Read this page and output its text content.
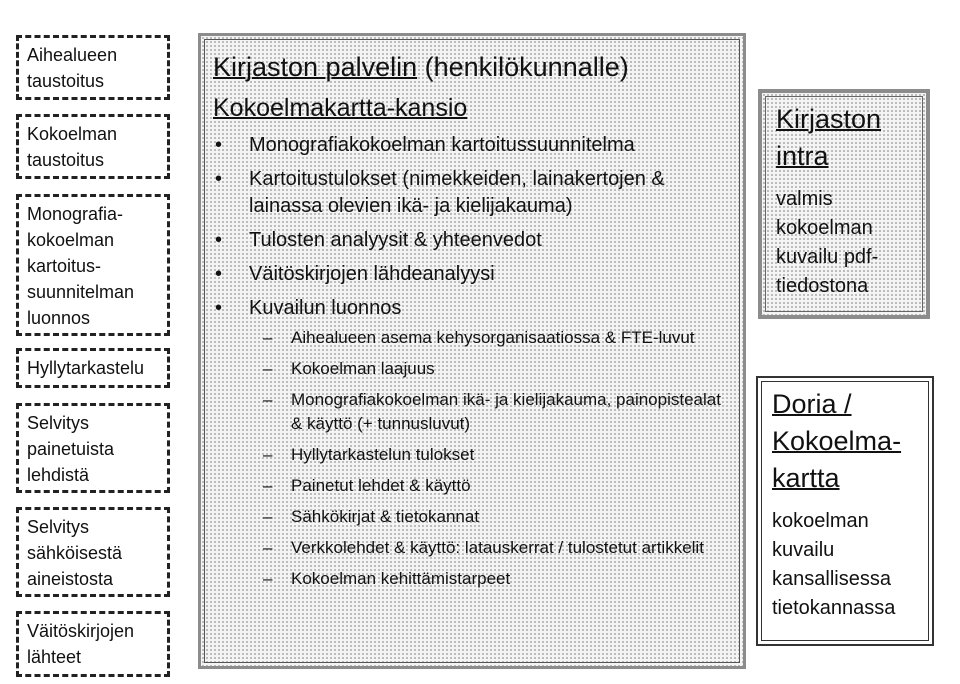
Aihealueen taustoitus
Kokoelman taustoitus
Monografia-kokoelman kartoitus-suunnitelman luonnos
Hyllytarkastelu
Selvitys painetuista lehdistä
Selvitys sähköisestä aineistosta
Väitöskirjojen lähteet
Kirjaston palvelin (henkilökunnalle)
Kokoelmakartta-kansio
• Monografiakokoelman kartoitussuunnitelma
• Kartoitustulokset (nimekkeiden, lainakertojen & lainassa olevien ikä- ja kielijakauma)
• Tulosten analyysit & yhteenvedot
• Väitöskirjojen lähdeanalyysi
• Kuvailun luonnos
– Aihealueen asema kehysorganisaatiossa & FTE-luvut
– Kokoelman laajuus
– Monografiakokoelman ikä- ja kielijakauma, painopistealat & käyttö (+ tunnusluvut)
– Hyllytarkastelun tulokset
– Painetut lehdet & käyttö
– Sähkökirjat & tietokannat
– Verkkolehdet & käyttö: latauskerrat / tulostetut artikkelit
– Kokoelman kehittämistarpeet
Kirjaston intra
valmis kokoelman kuvailu pdf-tiedostona
Doria / Kokoelma-kartta
kokoelman kuvailu kansallisessa tietokannassa
